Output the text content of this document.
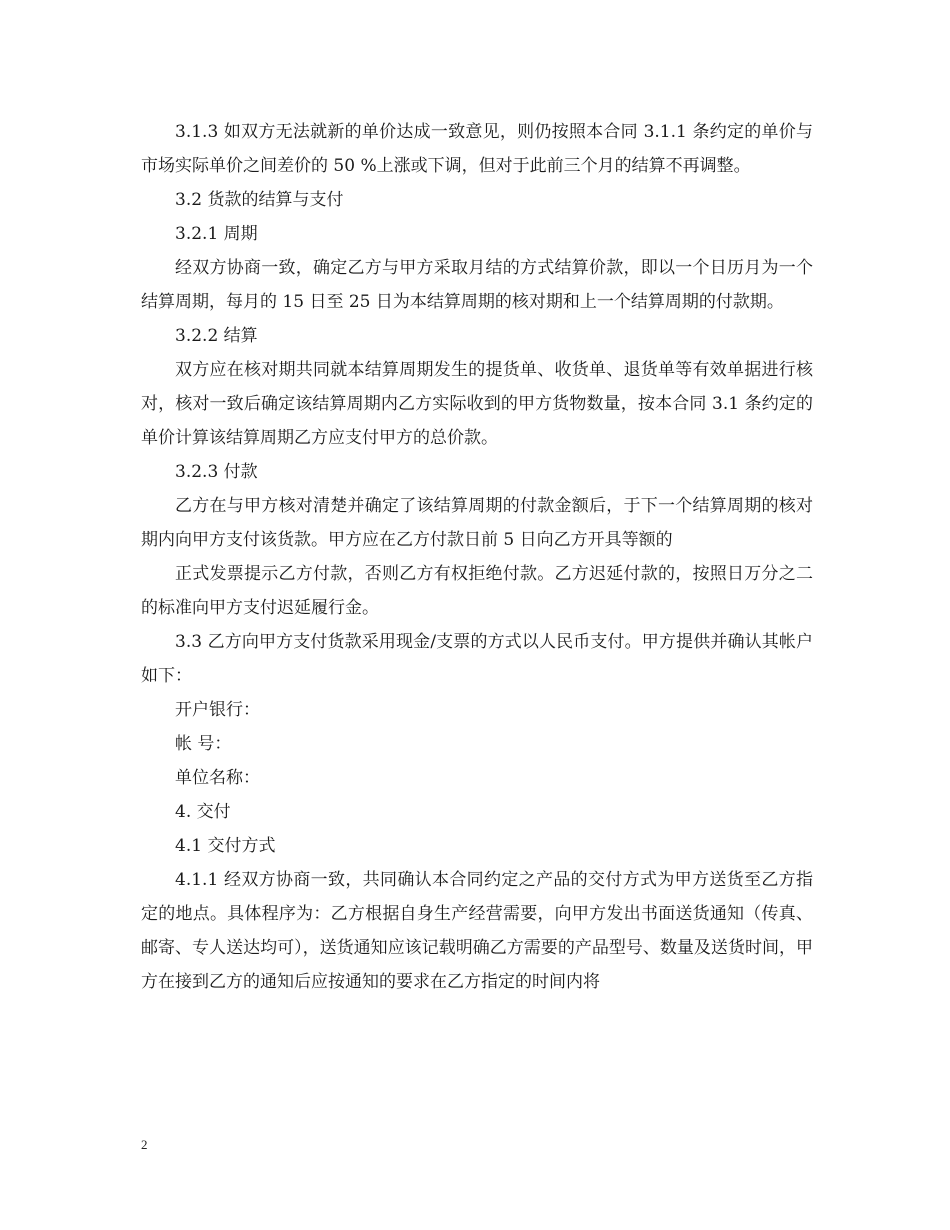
3.1.3 如双方无法就新的单价达成一致意见，则仍按照本合同 3.1.1 条约定的单价与市场实际单价之间差价的 50 %上涨或下调，但对于此前三个月的结算不再调整。

3.2 货款的结算与支付

3.2.1 周期

经双方协商一致，确定乙方与甲方采取月结的方式结算价款，即以一个日历月为一个结算周期，每月的 15 日至 25 日为本结算周期的核对期和上一个结算周期的付款期。

3.2.2 结算

双方应在核对期共同就本结算周期发生的提货单、收货单、退货单等有效单据进行核对，核对一致后确定该结算周期内乙方实际收到的甲方货物数量，按本合同 3.1 条约定的单价计算该结算周期乙方应支付甲方的总价款。

3.2.3 付款

乙方在与甲方核对清楚并确定了该结算周期的付款金额后，于下一个结算周期的核对期内向甲方支付该货款。甲方应在乙方付款日前 5 日向乙方开具等额的

正式发票提示乙方付款，否则乙方有权拒绝付款。乙方迟延付款的，按照日万分之二的标准向甲方支付迟延履行金。

3.3 乙方向甲方支付货款采用现金/支票的方式以人民币支付。甲方提供并确认其帐户如下：

开户银行：

帐 号：

单位名称：

4. 交付

4.1 交付方式

4.1.1 经双方协商一致，共同确认本合同约定之产品的交付方式为甲方送货至乙方指定的地点。具体程序为：乙方根据自身生产经营需要，向甲方发出书面送货通知（传真、邮寄、专人送达均可），送货通知应该记载明确乙方需要的产品型号、数量及送货时间，甲方在接到乙方的通知后应按通知的要求在乙方指定的时间内将

2
